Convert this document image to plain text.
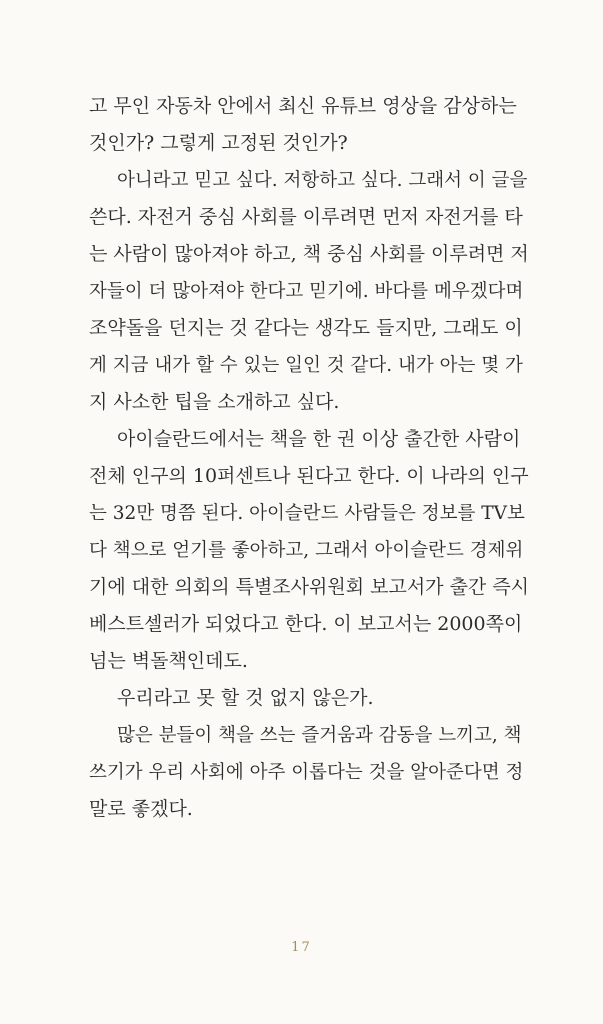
고 무인 자동차 안에서 최신 유튜브 영상을 감상하는

것인가? 그렇게 고정된 것인가?

아니라고 믿고 싶다. 저항하고 싶다. 그래서 이 글을

쓴다. 자전거 중심 사회를 이루려면 먼저 자전거를 타

는 사람이 많아져야 하고, 책 중심 사회를 이루려면 저

자들이 더 많아져야 한다고 믿기에. 바다를 메우겠다며

조약돌을 던지는 것 같다는 생각도 들지만, 그래도 이

게 지금 내가 할 수 있는 일인 것 같다. 내가 아는 몇 가

지 사소한 팁을 소개하고 싶다.

아이슬란드에서는 책을 한 권 이상 출간한 사람이

전체 인구의 10퍼센트나 된다고 한다. 이 나라의 인구

는 32만 명쯤 된다. 아이슬란드 사람들은 정보를 TV보

다 책으로 얻기를 좋아하고, 그래서 아이슬란드 경제위

기에 대한 의회의 특별조사위원회 보고서가 출간 즉시

베스트셀러가 되었다고 한다. 이 보고서는 2000쪽이

넘는 벽돌책인데도.

우리라고 못 할 것 없지 않은가.

많은 분들이 책을 쓰는 즐거움과 감동을 느끼고, 책

쓰기가 우리 사회에 아주 이롭다는 것을 알아준다면 정

말로 좋겠다.

17
